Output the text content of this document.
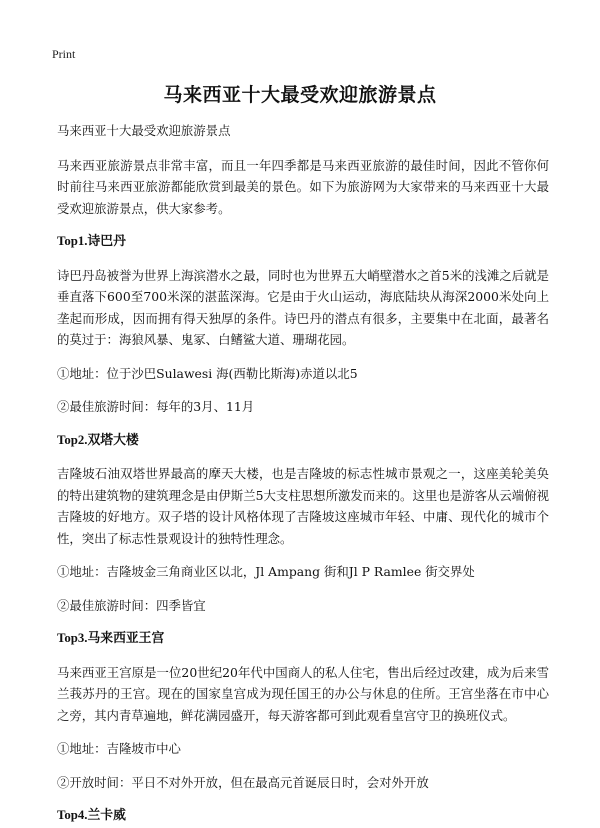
Print
马来西亚十大最受欢迎旅游景点

马来西亚十大最受欢迎旅游景点

马来西亚旅游景点非常丰富，而且一年四季都是马来西亚旅游的最佳时间，因此不管你何时前往马来西亚旅游都能欣赏到最美的景色。如下为旅游网为大家带来的马来西亚十大最受欢迎旅游景点，供大家参考。

Top1.诗巴丹

诗巴丹岛被誉为世界上海滨潜水之最，同时也为世界五大峭壁潜水之首5米的浅滩之后就是垂直落下600至700米深的湛蓝深海。它是由于火山运动，海底陆块从海深2000米处向上垄起而形成，因而拥有得天独厚的条件。诗巴丹的潜点有很多，主要集中在北面，最著名的莫过于：海狼风暴、鬼冢、白鳍鲨大道、珊瑚花园。

①地址：位于沙巴Sulawesi 海(西勒比斯海)赤道以北5

②最佳旅游时间：每年的3月、11月

Top2.双塔大楼

吉隆坡石油双塔世界最高的摩天大楼，也是吉隆坡的标志性城市景观之一，这座美轮美奂的特出建筑物的建筑理念是由伊斯兰5大支柱思想所激发而来的。这里也是游客从云端俯视吉隆坡的好地方。双子塔的设计风格体现了吉隆坡这座城市年轻、中庸、现代化的城市个性，突出了标志性景观设计的独特性理念。

①地址：吉隆坡金三角商业区以北，Jl Ampang 街和Jl P Ramlee 街交界处

②最佳旅游时间：四季皆宜

Top3.马来西亚王宫

马来西亚王宫原是一位20世纪20年代中国商人的私人住宅，售出后经过改建，成为后来雪兰莪苏丹的王宫。现在的国家皇宫成为现任国王的办公与休息的住所。王宫坐落在市中心之旁，其内青草遍地，鲜花满园盛开，每天游客都可到此观看皇宫守卫的换班仪式。

①地址：吉隆坡市中心

②开放时间：平日不对外开放，但在最高元首诞辰日时，会对外开放

Top4.兰卡威
